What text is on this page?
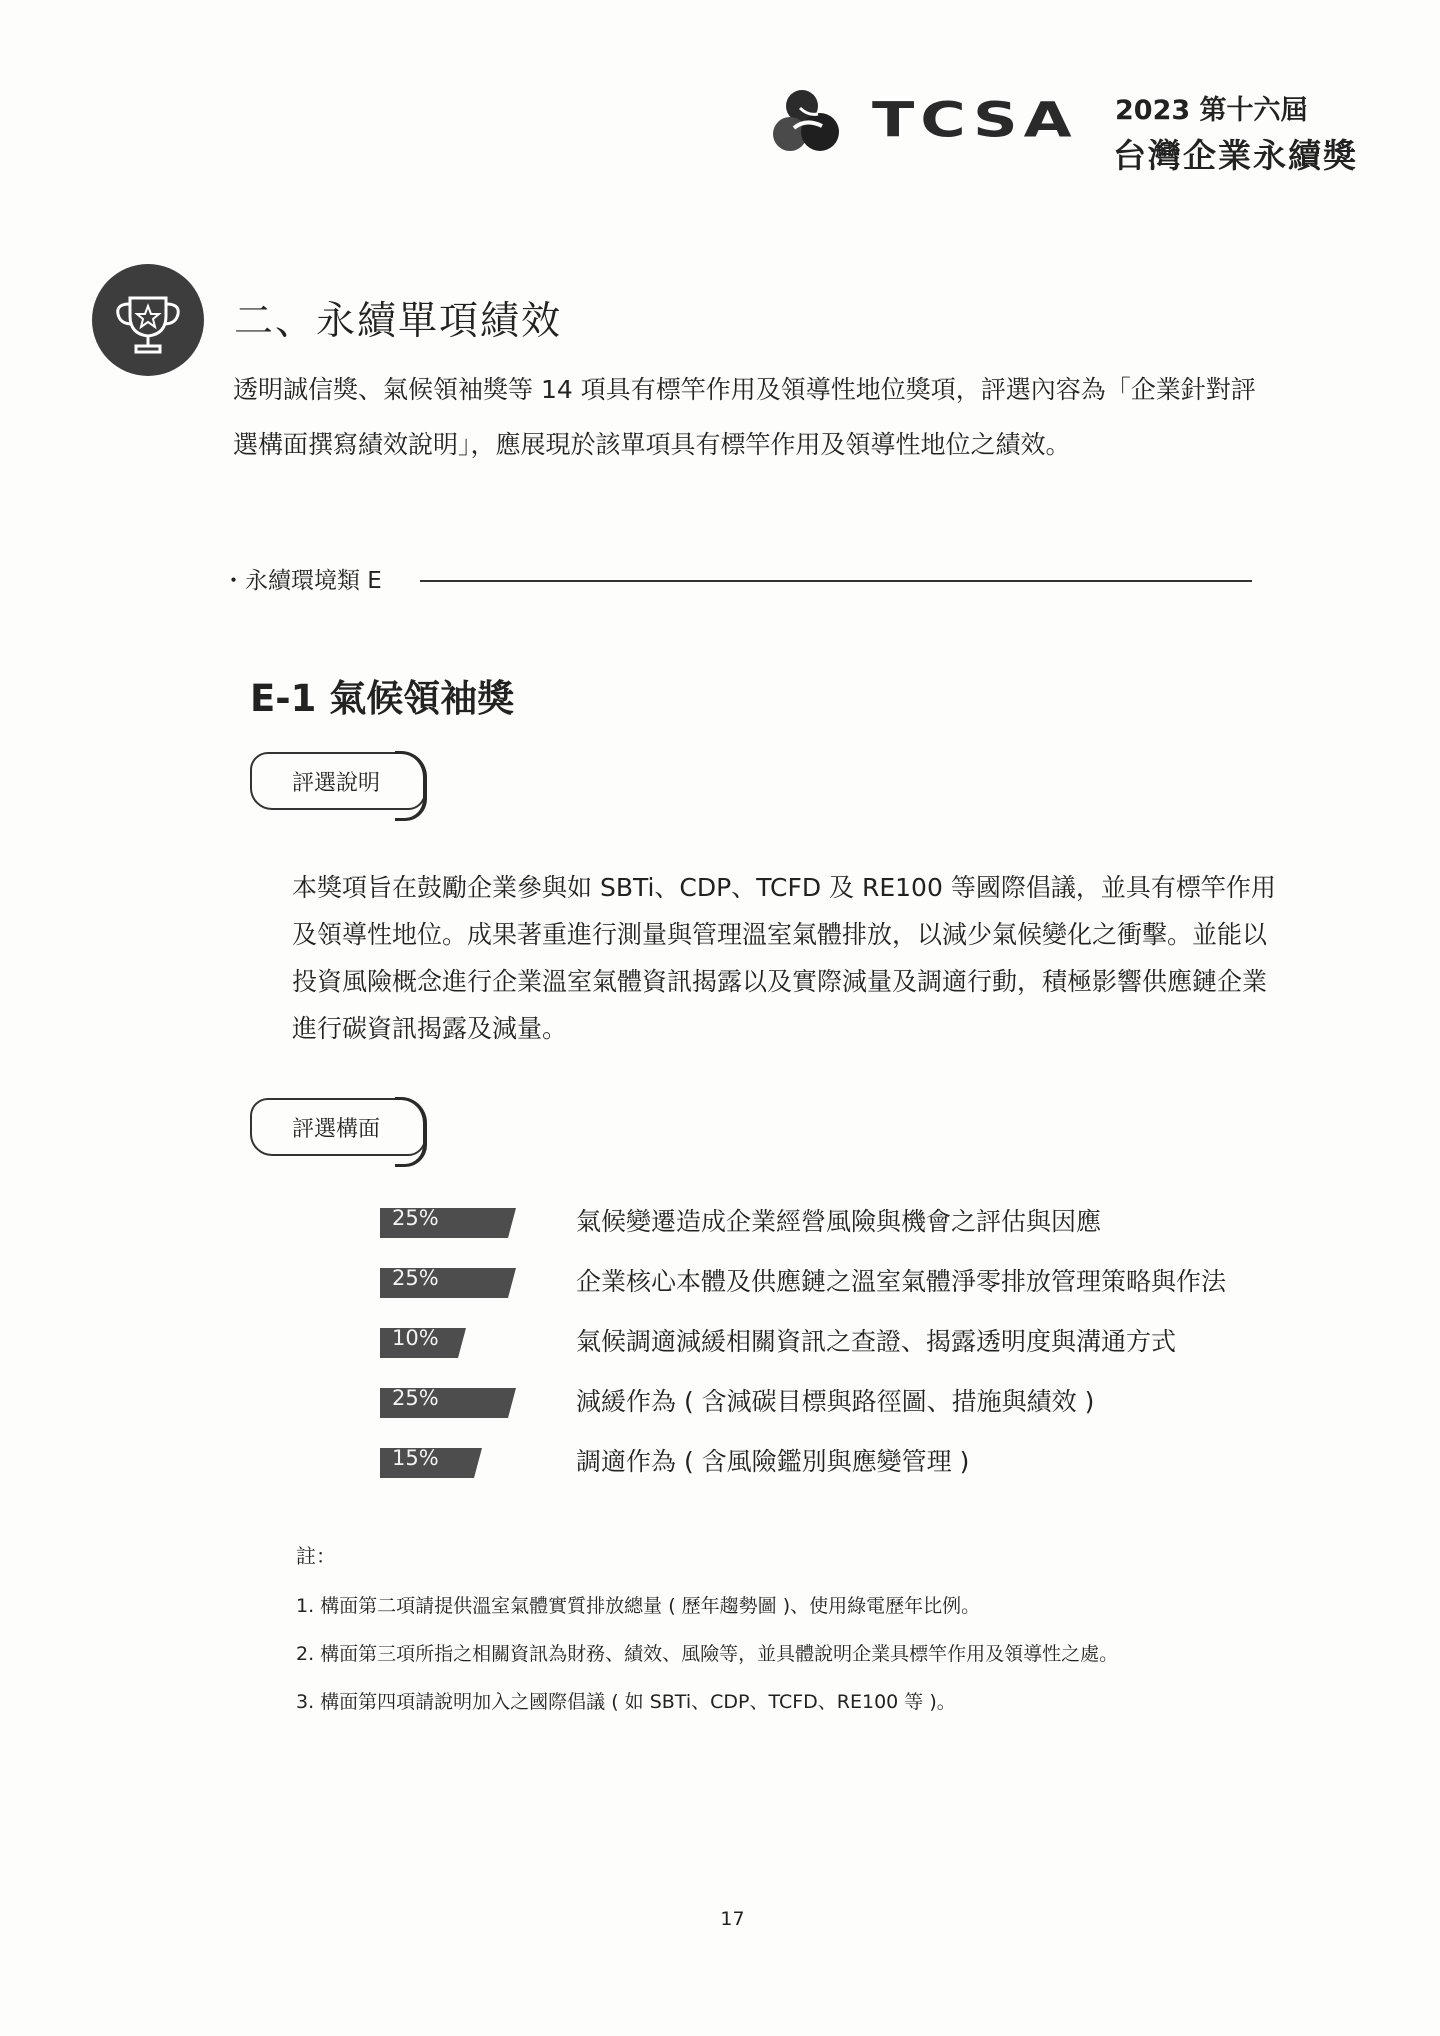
TCSA 2023 第十六屆
台灣企業永續獎
二、永續單項績效
透明誠信獎、氣候領袖獎等 14 項具有標竿作用及領導性地位獎項，評選內容為「企業針對評選構面撰寫績效說明」，應展現於該單項具有標竿作用及領導性地位之績效。
・永續環境類 E
E-1 氣候領袖獎
評選說明
本獎項旨在鼓勵企業參與如 SBTi、CDP、TCFD 及 RE100 等國際倡議，並具有標竿作用及領導性地位。成果著重進行測量與管理溫室氣體排放，以減少氣候變化之衝擊。並能以投資風險概念進行企業溫室氣體資訊揭露以及實際減量及調適行動，積極影響供應鏈企業進行碳資訊揭露及減量。
評選構面
25%	氣候變遷造成企業經營風險與機會之評估與因應
25%	企業核心本體及供應鏈之溫室氣體淨零排放管理策略與作法
10%	氣候調適減緩相關資訊之查證、揭露透明度與溝通方式
25%	減緩作為 ( 含減碳目標與路徑圖、措施與績效 )
15%	調適作為 ( 含風險鑑別與應變管理 )
註：
1. 構面第二項請提供溫室氣體實質排放總量 ( 歷年趨勢圖 )、使用綠電歷年比例。
2. 構面第三項所指之相關資訊為財務、績效、風險等，並具體說明企業具標竿作用及領導性之處。
3. 構面第四項請說明加入之國際倡議 ( 如 SBTi、CDP、TCFD、RE100 等 )。
17
